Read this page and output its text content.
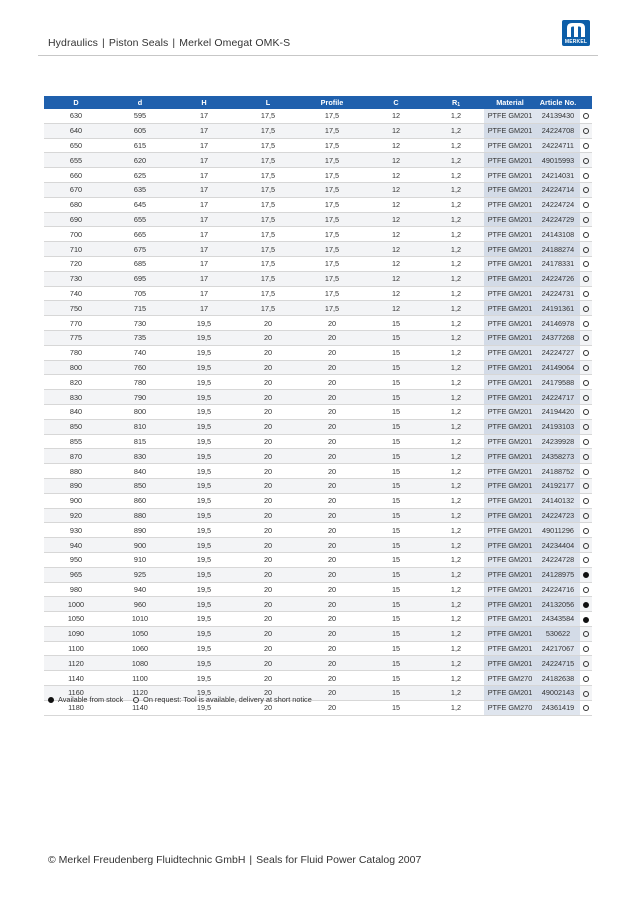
Hydraulics | Piston Seals | Merkel Omegat OMK-S	MERKEL
D	d	H	L	Profile	C	$R_1$	Material	Article No.	
630	595	17	17,5	17,5	12	1,2	PTFE GM201	24139430	
640	605	17	17,5	17,5	12	1,2	PTFE GM201	24224708	
650	615	17	17,5	17,5	12	1,2	PTFE GM201	24224711	
655	620	17	17,5	17,5	12	1,2	PTFE GM201	49015993	
660	625	17	17,5	17,5	12	1,2	PTFE GM201	24214031	
670	635	17	17,5	17,5	12	1,2	PTFE GM201	24224714	
680	645	17	17,5	17,5	12	1,2	PTFE GM201	24224724	
690	655	17	17,5	17,5	12	1,2	PTFE GM201	24224729	
700	665	17	17,5	17,5	12	1,2	PTFE GM201	24143108	
710	675	17	17,5	17,5	12	1,2	PTFE GM201	24188274	
720	685	17	17,5	17,5	12	1,2	PTFE GM201	24178331	
730	695	17	17,5	17,5	12	1,2	PTFE GM201	24224726	
740	705	17	17,5	17,5	12	1,2	PTFE GM201	24224731	
750	715	17	17,5	17,5	12	1,2	PTFE GM201	24191361	
770	730	19,5	20	20	15	1,2	PTFE GM201	24146978	
775	735	19,5	20	20	15	1,2	PTFE GM201	24377268	
780	740	19,5	20	20	15	1,2	PTFE GM201	24224727	
800	760	19,5	20	20	15	1,2	PTFE GM201	24149064	
820	780	19,5	20	20	15	1,2	PTFE GM201	24179588	
830	790	19,5	20	20	15	1,2	PTFE GM201	24224717	
840	800	19,5	20	20	15	1,2	PTFE GM201	24194420	
850	810	19,5	20	20	15	1,2	PTFE GM201	24193103	
855	815	19,5	20	20	15	1,2	PTFE GM201	24239928	
870	830	19,5	20	20	15	1,2	PTFE GM201	24358273	
880	840	19,5	20	20	15	1,2	PTFE GM201	24188752	
890	850	19,5	20	20	15	1,2	PTFE GM201	24192177	
900	860	19,5	20	20	15	1,2	PTFE GM201	24140132	
920	880	19,5	20	20	15	1,2	PTFE GM201	24224723	
930	890	19,5	20	20	15	1,2	PTFE GM201	49011296	
940	900	19,5	20	20	15	1,2	PTFE GM201	24234404	
950	910	19,5	20	20	15	1,2	PTFE GM201	24224728	
965	925	19,5	20	20	15	1,2	PTFE GM201	24128975	
980	940	19,5	20	20	15	1,2	PTFE GM201	24224716	
1000	960	19,5	20	20	15	1,2	PTFE GM201	24132056	
1050	1010	19,5	20	20	15	1,2	PTFE GM201	24343584	
1090	1050	19,5	20	20	15	1,2	PTFE GM201	530622	
1100	1060	19,5	20	20	15	1,2	PTFE GM201	24217067	
1120	1080	19,5	20	20	15	1,2	PTFE GM201	24224715	
1140	1100	19,5	20	20	15	1,2	PTFE GM270	24182638	
1160	1120	19,5	20	20	15	1,2	PTFE GM201	49002143	
1180	1140	19,5	20	20	15	1,2	PTFE GM270	24361419	
Available from stock	On request: Tool is available, delivery at short notice
© Merkel Freudenberg Fluidtechnic GmbH | Seals for Fluid Power Catalog 2007
